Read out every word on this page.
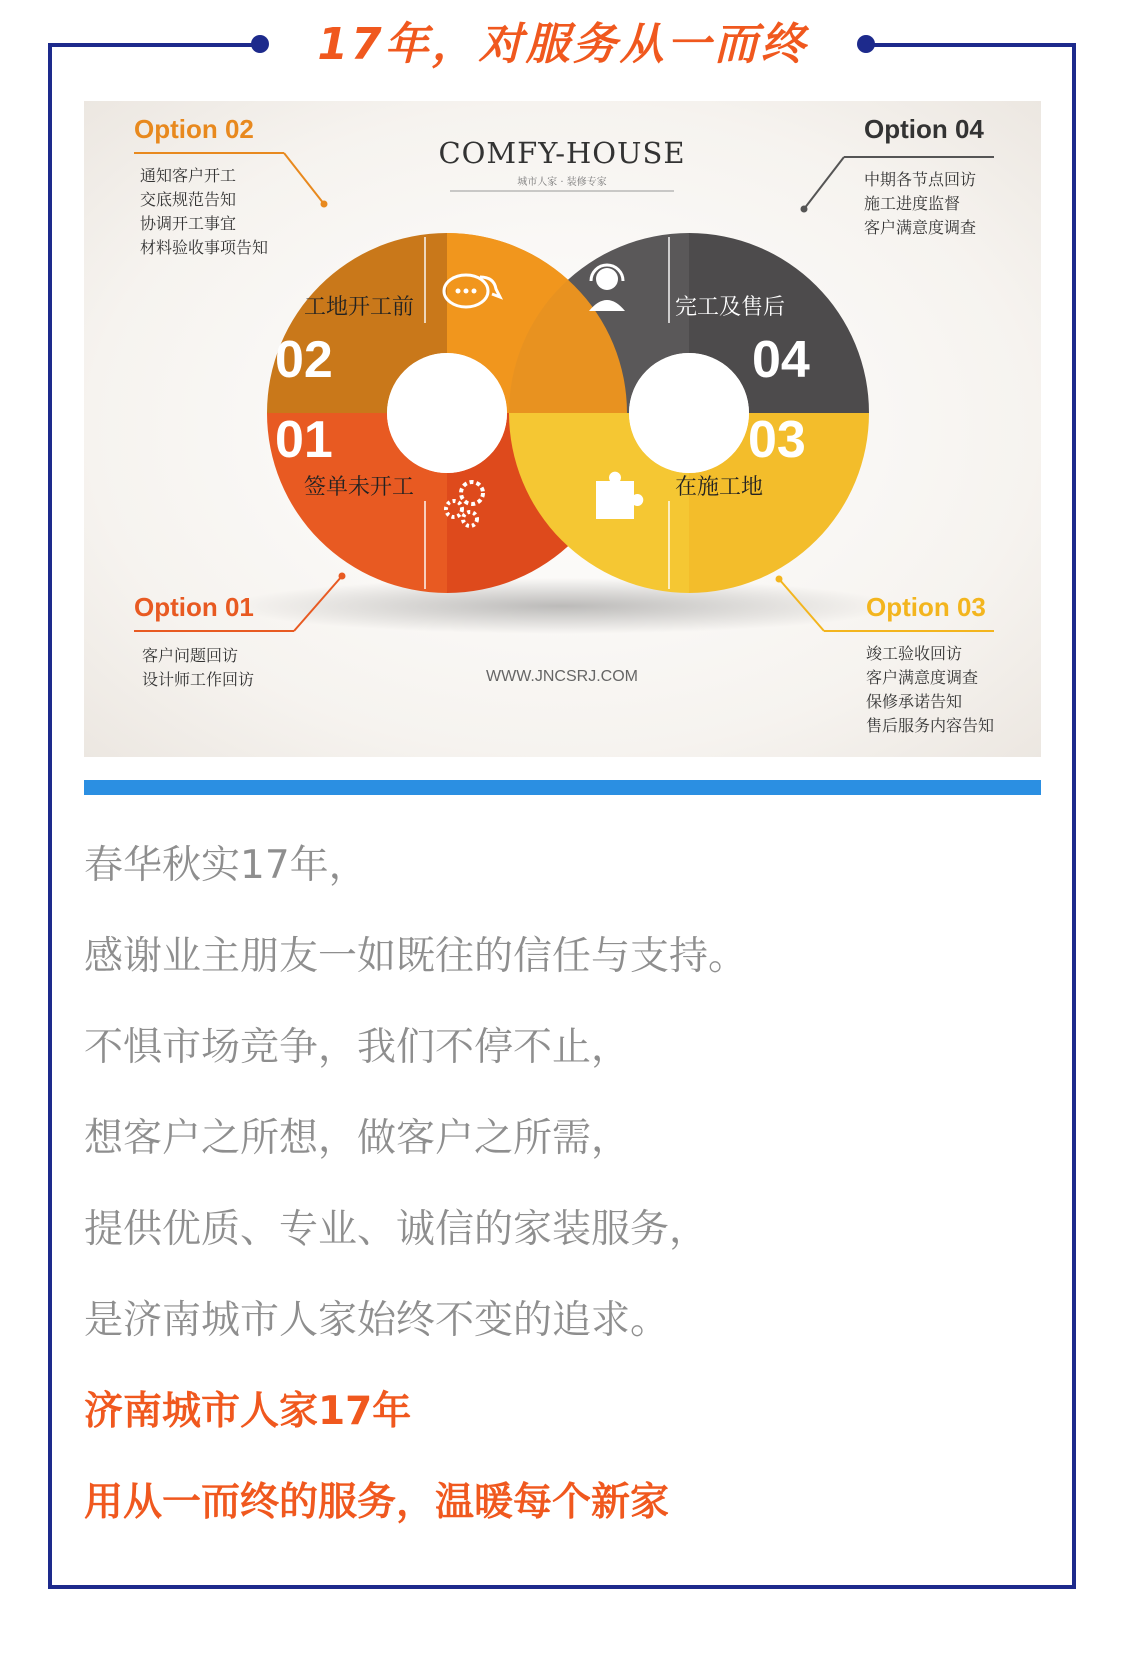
17年，对服务从一而终
02
01
04
03
工地开工前
签单未开工
完工及售后
在施工地
COMFY-HOUSE
城市人家 · 装修专家
WWW.JNCSRJ.COM
Option 02
通知客户开工
交底规范告知
协调开工事宜
材料验收事项告知
Option 04
中期各节点回访
施工进度监督
客户满意度调查
Option 01
客户问题回访
设计师工作回访
Option 03
竣工验收回访
客户满意度调查
保修承诺告知
售后服务内容告知
春华秋实17年，
感谢业主朋友一如既往的信任与支持。
不惧市场竞争，我们不停不止，
想客户之所想，做客户之所需，
提供优质、专业、诚信的家装服务，
是济南城市人家始终不变的追求。
济南城市人家17年
用从一而终的服务，温暖每个新家
